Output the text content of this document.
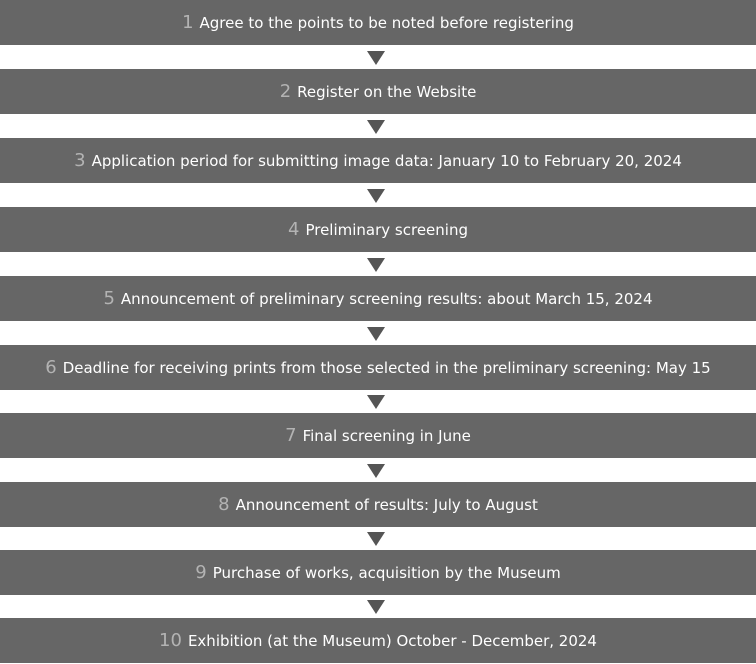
1 Agree to the points to be noted before registering
2 Register on the Website
3 Application period for submitting image data: January 10 to February 20, 2024
4 Preliminary screening
5 Announcement of preliminary screening results: about March 15, 2024
6 Deadline for receiving prints from those selected in the preliminary screening: May 15
7 Final screening in June
8 Announcement of results: July to August
9 Purchase of works, acquisition by the Museum
10 Exhibition (at the Museum) October - December, 2024
